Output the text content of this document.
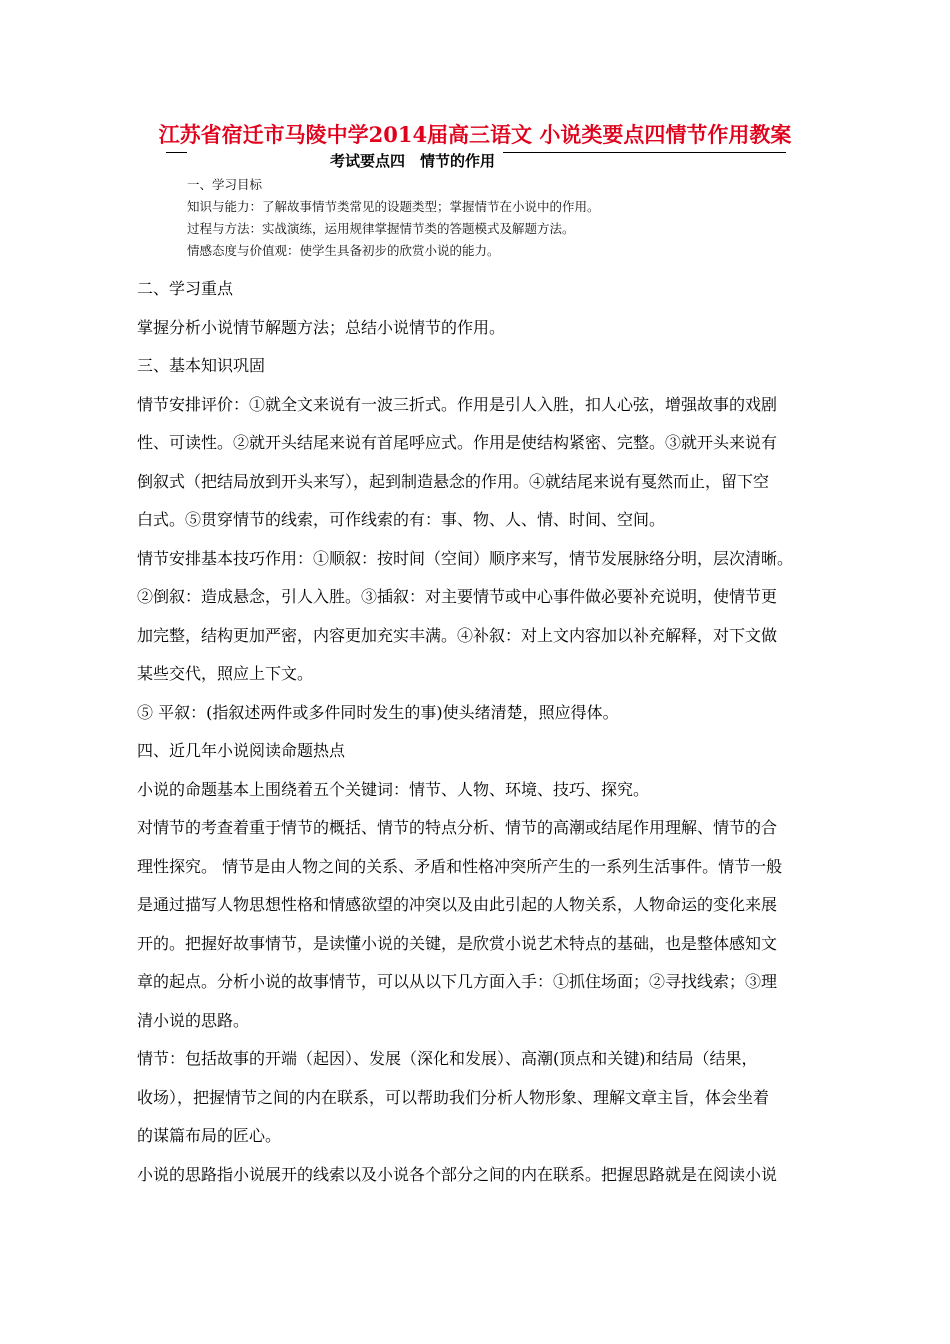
江苏省宿迁市马陵中学2014届高三语文 小说类要点四情节作用教案
考试要点四　情节的作用
一、学习目标
知识与能力：了解故事情节类常见的设题类型；掌握情节在小说中的作用。
过程与方法：实战演练，运用规律掌握情节类的答题模式及解题方法。
情感态度与价值观：使学生具备初步的欣赏小说的能力。
二、学习重点
掌握分析小说情节解题方法；总结小说情节的作用。
三、基本知识巩固
情节安排评价：①就全文来说有一波三折式。作用是引人入胜，扣人心弦，增强故事的戏剧
性、可读性。②就开头结尾来说有首尾呼应式。作用是使结构紧密、完整。③就开头来说有
倒叙式（把结局放到开头来写），起到制造悬念的作用。④就结尾来说有戛然而止，留下空
白式。⑤贯穿情节的线索，可作线索的有：事、物、人、情、时间、空间。
情节安排基本技巧作用：①顺叙：按时间（空间）顺序来写，情节发展脉络分明，层次清晰。
②倒叙：造成悬念，引人入胜。③插叙：对主要情节或中心事件做必要补充说明，使情节更
加完整，结构更加严密，内容更加充实丰满。④补叙：对上文内容加以补充解释，对下文做
某些交代，照应上下文。
⑤ 平叙：(指叙述两件或多件同时发生的事)使头绪清楚，照应得体。
四、近几年小说阅读命题热点
小说的命题基本上围绕着五个关键词：情节、人物、环境、技巧、探究。
对情节的考查着重于情节的概括、情节的特点分析、情节的高潮或结尾作用理解、情节的合
理性探究。 情节是由人物之间的关系、矛盾和性格冲突所产生的一系列生活事件。情节一般
是通过描写人物思想性格和情感欲望的冲突以及由此引起的人物关系，人物命运的变化来展
开的。把握好故事情节，是读懂小说的关键，是欣赏小说艺术特点的基础，也是整体感知文
章的起点。分析小说的故事情节，可以从以下几方面入手：①抓住场面；②寻找线索；③理
清小说的思路。
情节：包括故事的开端（起因）、发展（深化和发展）、高潮(顶点和关键)和结局（结果，
收场），把握情节之间的内在联系，可以帮助我们分析人物形象、理解文章主旨，体会坐着
的谋篇布局的匠心。
小说的思路指小说展开的线索以及小说各个部分之间的内在联系。把握思路就是在阅读小说
